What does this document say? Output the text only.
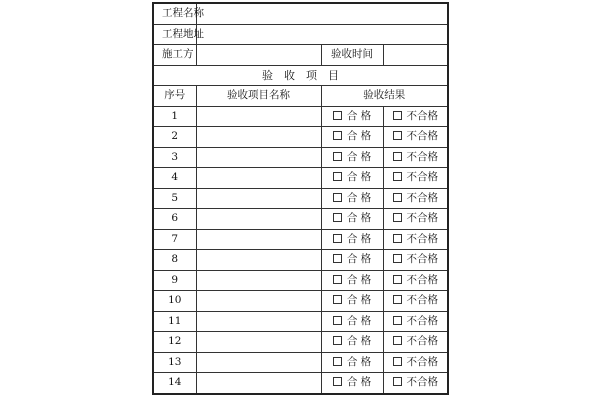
工程名称			
工程地址			
施工方		验收时间	
验收项目			
序号	验收项目名称	验收结果	
1		合 格	不合格
2		合 格	不合格
3		合 格	不合格
4		合 格	不合格
5		合 格	不合格
6		合 格	不合格
7		合 格	不合格
8		合 格	不合格
9		合 格	不合格
10		合 格	不合格
11		合 格	不合格
12		合 格	不合格
13		合 格	不合格
14		合 格	不合格
